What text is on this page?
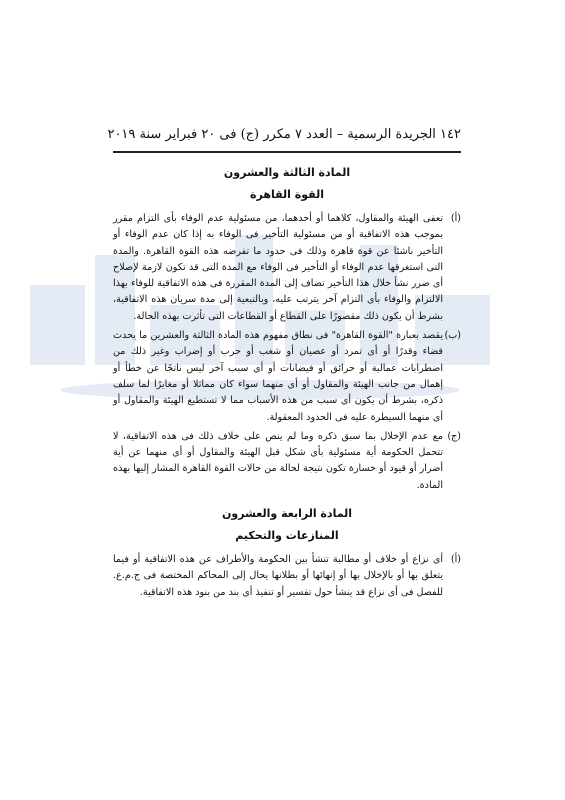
١٤٢ الجريدة الرسمية – العدد ٧ مكرر (ج) فى ٢٠ فبراير سنة ٢٠١٩
المادة الثالثة والعشرون
القوة القاهرة
(أ)
تعفى الهيئة والمقاول، كلاهما أو أحدهما، من مسئولية عدم الوفاء بأى التزام مقرر بموجب هذه الاتفاقية أو من مسئولية التأخير فى الوفاء به إذا كان عدم الوفاء أو التأخير ناشئا عن قوة قاهرة وذلك فى حدود ما تفرضه هذه القوة القاهرة. والمدة التى استغرقها عدم الوفاء أو التأخير فى الوفاء مع المدة التى قد تكون لازمة لإصلاح أى ضرر نشأ خلال هذا التأخير تضاف إلى المدة المقررة فى هذه الاتفاقية للوفاء بهذا الالتزام والوفاء بأى التزام آخر يترتب عليه، وبالتبعية إلى مدة سريان هذه الاتفاقية، بشرط أن يكون ذلك مقصورًا على القطاع أو القطاعات التى تأثرت بهذه الحالة.
(ب)
يقصد بعبارة "القوة القاهرة" فى نطاق مفهوم هذه المادة الثالثة والعشرين ما يحدث قضاء وقدرًا أو أى تمرد أو عصيان أو شغب أو حرب أو إضراب وغير ذلك من اضطرابات عمالية أو حرائق أو فيضانات أو أى سبب آخر ليس ناتجًا عن خطأ أو إهمال من جانب الهيئة والمقاول أو أى منهما سواء كان مماثلا أو مغايرًا لما سلف ذكره، بشرط أن يكون أى سبب من هذه الأسباب مما لا تستطيع الهيئة والمقاول أو أى منهما السيطرة عليه فى الحدود المعقولة.
(ج)
مع عدم الإخلال بما سبق ذكره وما لم ينص على خلاف ذلك فى هذه الاتفاقية، لا تتحمل الحكومة أية مسئولية بأى شكل قبل الهيئة والمقاول أو أى منهما عن أية أضرار أو قيود أو خسارة تكون نتيجة لحالة من حالات القوة القاهرة المشار إليها بهذه المادة.
المادة الرابعة والعشرون
المنازعات والتحكيم
(أ)
أى نزاع أو خلاف أو مطالبة تنشأ بين الحكومة والأطراف عن هذه الاتفاقية أو فيما يتعلق بها أو بالإخلال بها أو إنهائها أو بطلانها يحال إلى المحاكم المختصة فى ج.م.ع. للفصل فى أى نزاع قد ينشأ حول تفسير أو تنفيذ أى بند من بنود هذه الاتفاقية.
